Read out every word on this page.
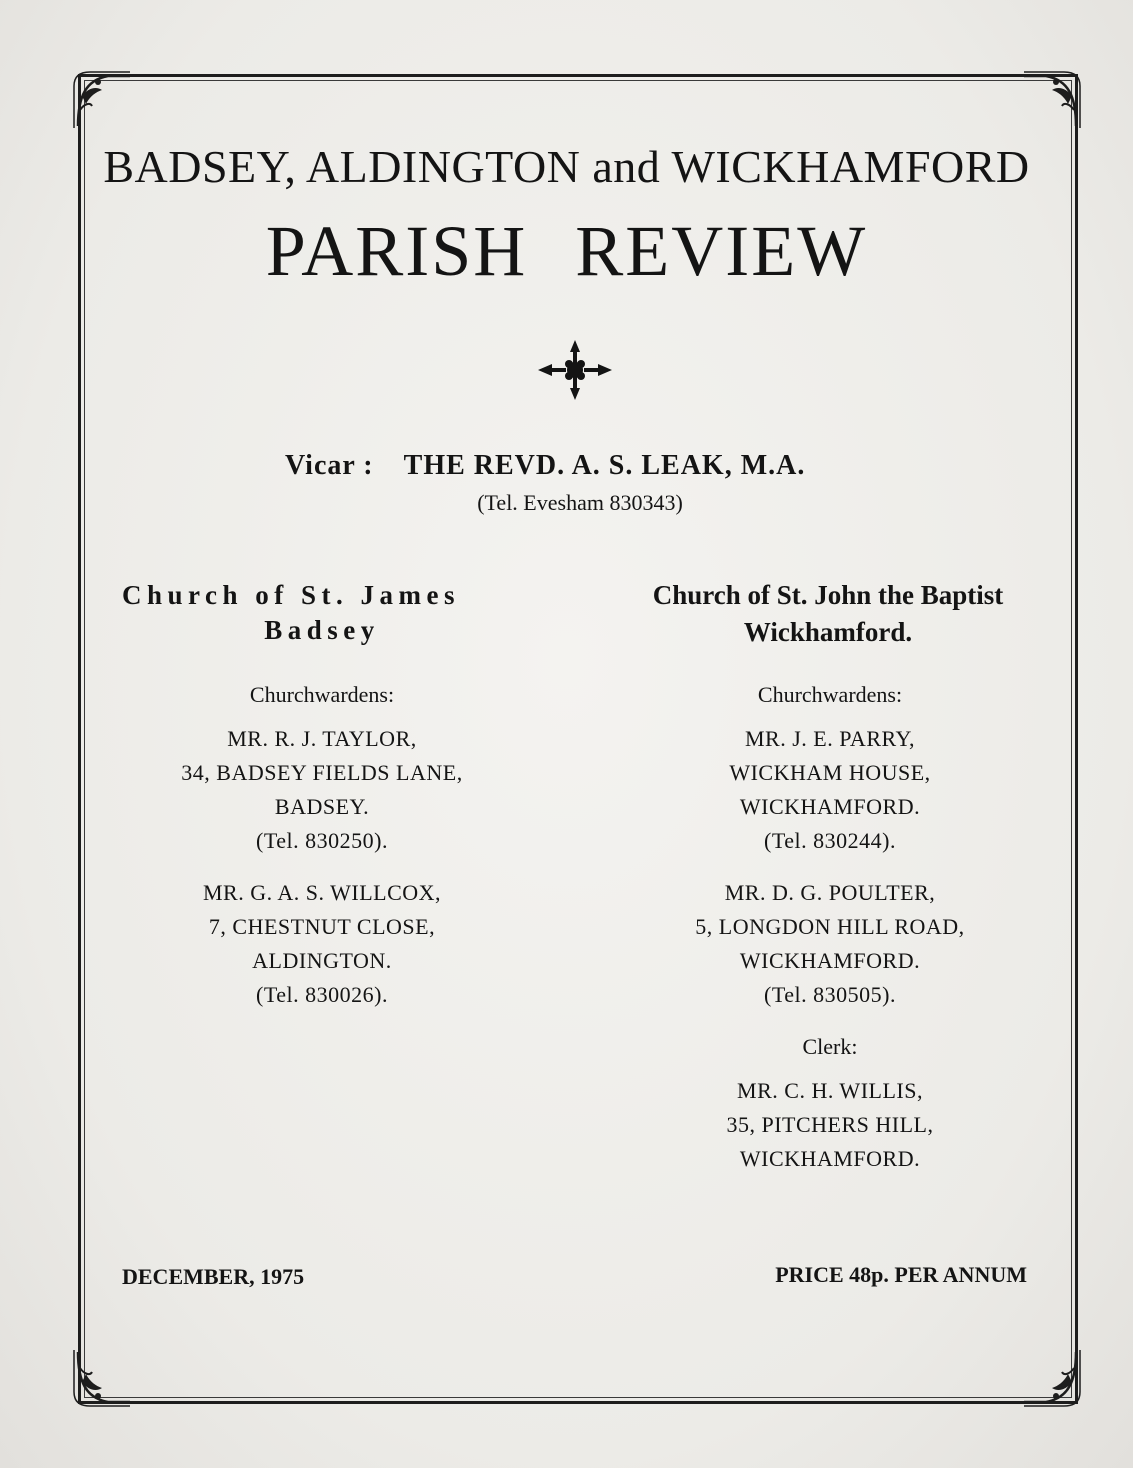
BADSEY, ALDINGTON and WICKHAMFORD
PARISH REVIEW
Vicar : THE REVD. A. S. LEAK, M.A.
(Tel. Evesham 830343)
Church of St. James
Badsey
Church of St. John the Baptist
Wickhamford.
Churchwardens:
MR. R. J. TAYLOR,
34, BADSEY FIELDS LANE,
BADSEY.
(Tel. 830250).
MR. G. A. S. WILLCOX,
7, CHESTNUT CLOSE,
ALDINGTON.
(Tel. 830026).
Churchwardens:
MR. J. E. PARRY,
WICKHAM HOUSE,
WICKHAMFORD.
(Tel. 830244).
MR. D. G. POULTER,
5, LONGDON HILL ROAD,
WICKHAMFORD.
(Tel. 830505).
Clerk:
MR. C. H. WILLIS,
35, PITCHERS HILL,
WICKHAMFORD.
DECEMBER, 1975	PRICE 48p. PER ANNUM
